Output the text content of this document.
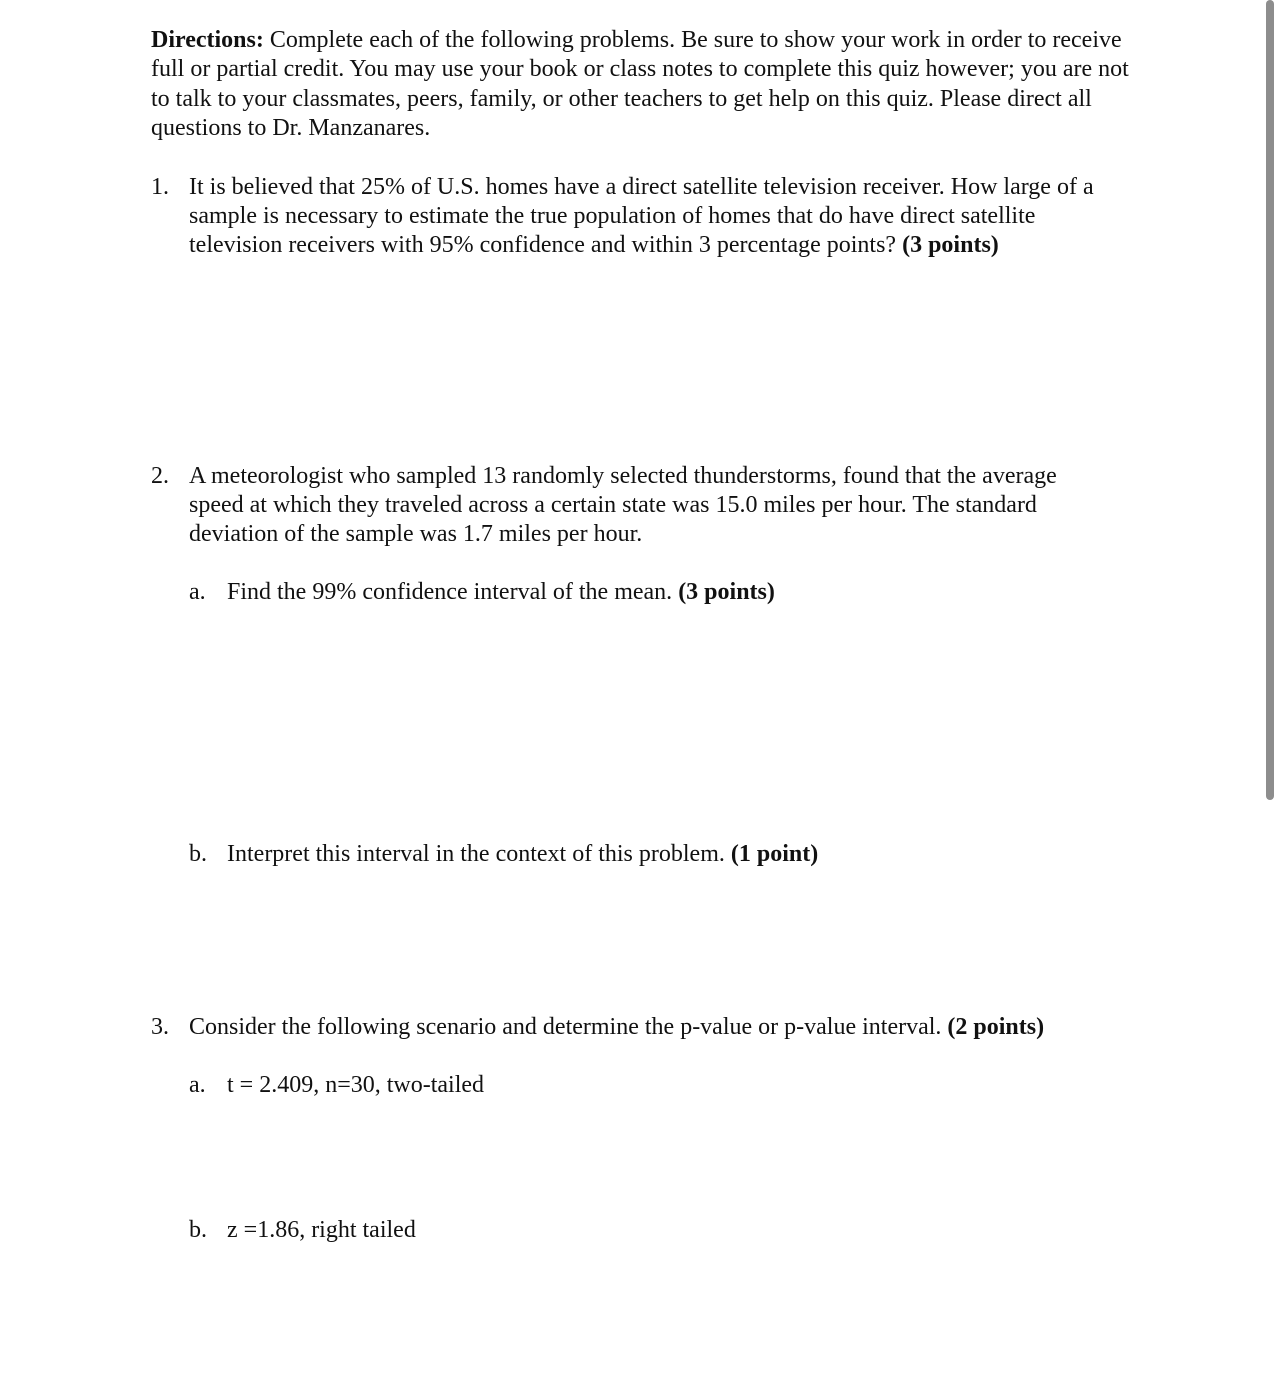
Directions: Complete each of the following problems. Be sure to show your work in order to receive full or partial credit. You may use your book or class notes to complete this quiz however; you are not to talk to your classmates, peers, family, or other teachers to get help on this quiz. Please direct all questions to Dr. Manzanares.
1. It is believed that 25% of U.S. homes have a direct satellite television receiver. How large of a sample is necessary to estimate the true population of homes that do have direct satellite television receivers with 95% confidence and within 3 percentage points? (3 points)
2. A meteorologist who sampled 13 randomly selected thunderstorms, found that the average speed at which they traveled across a certain state was 15.0 miles per hour. The standard deviation of the sample was 1.7 miles per hour.
a. Find the 99% confidence interval of the mean. (3 points)
b. Interpret this interval in the context of this problem. (1 point)
3. Consider the following scenario and determine the p-value or p-value interval. (2 points)
a. t = 2.409, n=30, two-tailed
b. z =1.86, right tailed
